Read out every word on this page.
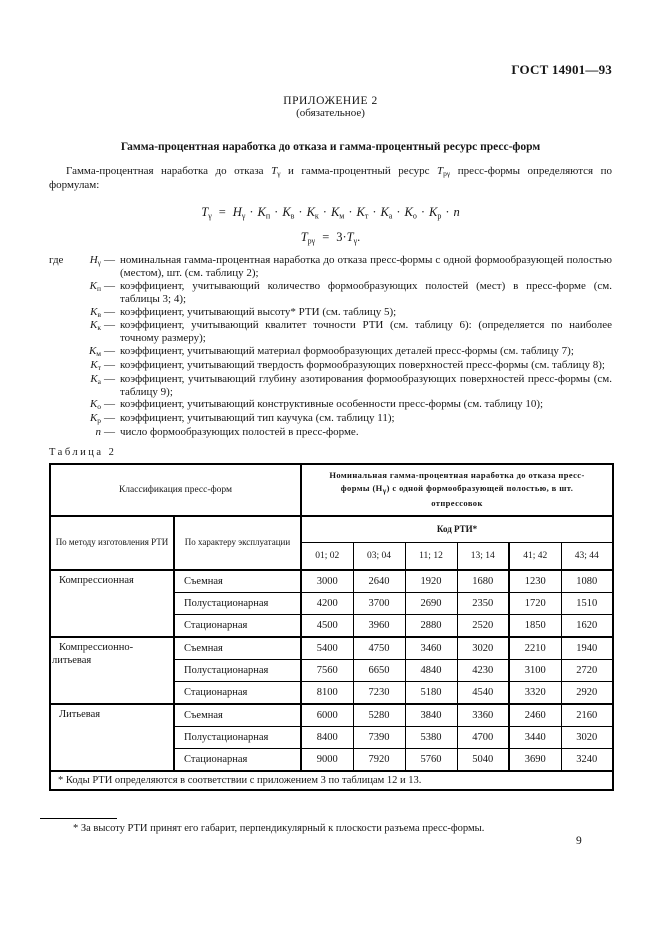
ГОСТ 14901—93
ПРИЛОЖЕНИЕ 2
(обязательное)
Гамма-процентная наработка до отказа и гамма-процентный ресурс пресс-форм

Гамма-процентная наработка до отказа Тγ и гамма-процентный ресурс Трγ пресс-формы определяются по формулам:

$Т_\gamma = Н_\gamma \cdot К_п \cdot К_в \cdot К_к \cdot К_м \cdot К_т \cdot К_а \cdot К_о \cdot К_р \cdot n$
$Т_{р\gamma} = 3\cdot Т_\gamma$.
где	Нγ — номинальная гамма-процентная наработка до отказа пресс-формы с одной формообразующей полостью (местом), шт. (см. таблицу 2);
Кп — коэффициент, учитывающий количество формообразующих полостей (мест) в пресс-форме (см. таблицы 3; 4);
Кв — коэффициент, учитывающий высоту* РТИ (см. таблицу 5);
Кк — коэффициент, учитывающий квалитет точности РТИ (см. таблицу 6): (определяется по наиболее точному размеру);
Км — коэффициент, учитывающий материал формообразующих деталей пресс-формы (см. таблицу 7);
Кт — коэффициент, учитывающий твердость формообразующих поверхностей пресс-формы (см. таблицу 8);
Ка — коэффициент, учитывающий глубину азотирования формообразующих поверхностей пресс-формы (см. таблицу 9);
Ко — коэффициент, учитывающий конструктивные особенности пресс-формы (см. таблицу 10);
Кр — коэффициент, учитывающий тип каучука (см. таблицу 11);
n — число формообразующих полостей в пресс-форме.
Таблица 2
Классификация пресс-форм		Номинальная гамма-процентная наработка до отказа пресс-формы (Нγ) с одной формообразующей полостью, в шт. отпрессовок					
По методу изготовления РТИ	По характеру эксплуатации	Код РТИ*					
		01; 02	03; 04	11; 12	13; 14	41; 42	43; 44
Компрессионная	Съемная	3000	2640	1920	1680	1230	1080
	Полустационарная	4200	3700	2690	2350	1720	1510
	Стационарная	4500	3960	2880	2520	1850	1620
Компрессионно-литьевая	Съемная	5400	4750	3460	3020	2210	1940
	Полустационарная	7560	6650	4840	4230	3100	2720
	Стационарная	8100	7230	5180	4540	3320	2920
Литьевая	Съемная	6000	5280	3840	3360	2460	2160
	Полустационарная	8400	7390	5380	4700	3440	3020
	Стационарная	9000	7920	5760	5040	3690	3240
* Коды РТИ определяются в соответствии с приложением 3 по таблицам 12 и 13.							

* За высоту РТИ принят его габарит, перпендикулярный к плоскости разъема пресс-формы.

9
